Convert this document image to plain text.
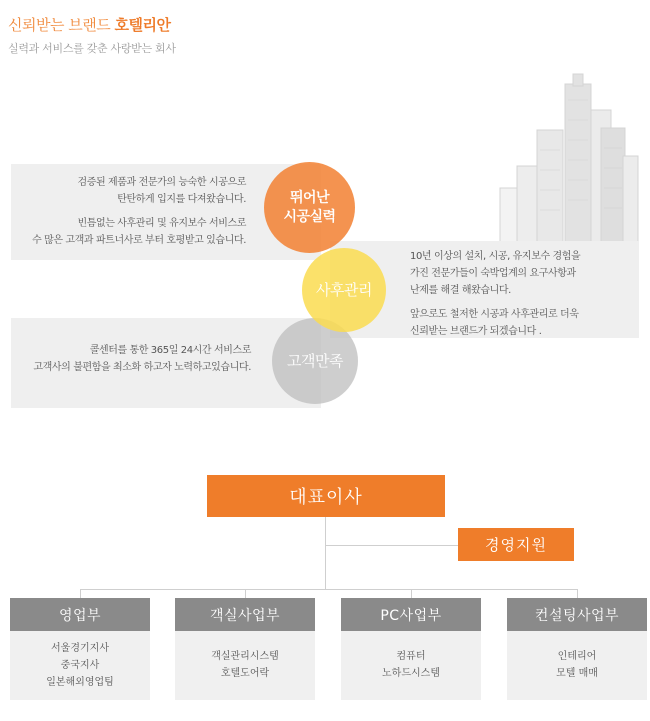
신뢰받는 브랜드 호텔리안
실력과 서비스를 갖춘 사랑받는 회사
검증된 제품과 전문가의 능숙한 시공으로
탄탄하게 입지를 다져왔습니다.
빈틈없는 사후관리 및 유지보수 서비스로
수 많은 고객과 파트너사로 부터 호평받고 있습니다.
10년 이상의 설치, 시공, 유지보수 경험을
가진 전문가들이 숙박업계의 요구사항과
난제를 해결 해왔습니다.
앞으로도 철저한 시공과 사후관리로 더욱
신뢰받는 브랜드가 되겠습니다 .
콜센터를 통한 365일 24시간 서비스로
고객사의 불편함을 최소화 하고자 노력하고있습니다. 고객만족
뛰어난
시공실력
사후관리
대표이사
경영지원
영업부
서울경기지사
중국지사
일본해외영업팀
객실사업부
객실관리시스템
호텔도어락
PC사업부
컴퓨터
노하드시스템
컨설팅사업부
인테리어
모텔 매매
